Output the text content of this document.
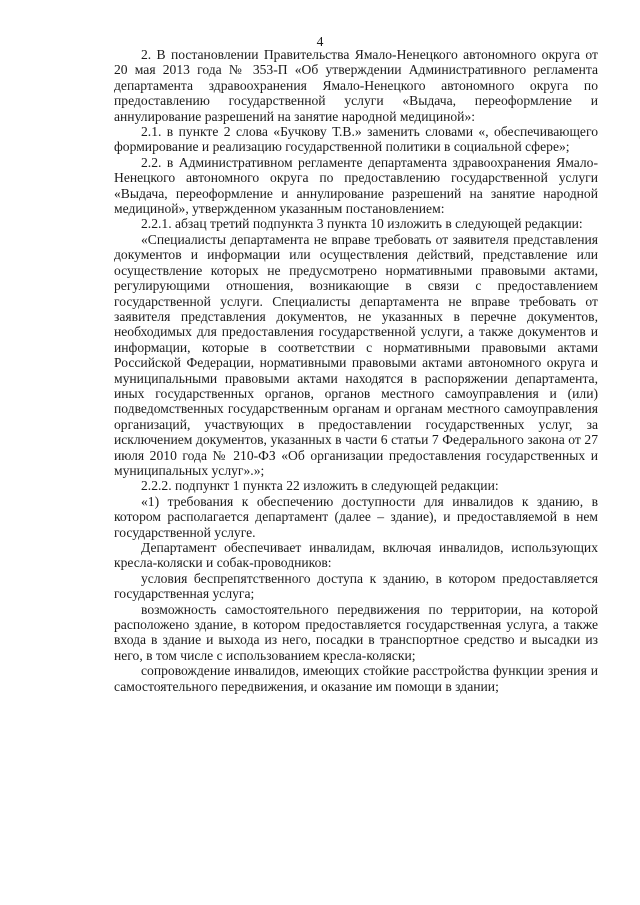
4

2. В постановлении Правительства Ямало-Ненецкого автономного округа от 20 мая 2013 года № 353-П «Об утверждении Административного регламента департамента здравоохранения Ямало-Ненецкого автономного округа по предоставлению государственной услуги «Выдача, переоформление и аннулирование разрешений на занятие народной медициной»:

2.1. в пункте 2 слова «Бучкову Т.В.» заменить словами «, обеспечивающего формирование и реализацию государственной политики в социальной сфере»;

2.2. в Административном регламенте департамента здравоохранения Ямало-Ненецкого автономного округа по предоставлению государственной услуги «Выдача, переоформление и аннулирование разрешений на занятие народной медициной», утвержденном указанным постановлением:

2.2.1. абзац третий подпункта 3 пункта 10 изложить в следующей редакции:

«Специалисты департамента не вправе требовать от заявителя представления документов и информации или осуществления действий, представление или осуществление которых не предусмотрено нормативными правовыми актами, регулирующими отношения, возникающие в связи с предоставлением государственной услуги. Специалисты департамента не вправе требовать от заявителя представления документов, не указанных в перечне документов, необходимых для предоставления государственной услуги, а также документов и информации, которые в соответствии с нормативными правовыми актами Российской Федерации, нормативными правовыми актами автономного округа и муниципальными правовыми актами находятся в распоряжении департамента, иных государственных органов, органов местного самоуправления и (или) подведомственных государственным органам и органам местного самоуправления организаций, участвующих в предоставлении государственных услуг, за исключением документов, указанных в части 6 статьи 7 Федерального закона от 27 июля 2010 года № 210-ФЗ «Об организации предоставления государственных и муниципальных услуг».»;

2.2.2. подпункт 1 пункта 22 изложить в следующей редакции:

«1) требования к обеспечению доступности для инвалидов к зданию, в котором располагается департамент (далее – здание), и предоставляемой в нем государственной услуге.

Департамент обеспечивает инвалидам, включая инвалидов, использующих кресла-коляски и собак-проводников:

условия беспрепятственного доступа к зданию, в котором предоставляется государственная услуга;

возможность самостоятельного передвижения по территории, на которой расположено здание, в котором предоставляется государственная услуга, а также входа в здание и выхода из него, посадки в транспортное средство и высадки из него, в том числе с использованием кресла-коляски;

сопровождение инвалидов, имеющих стойкие расстройства функции зрения и самостоятельного передвижения, и оказание им помощи в здании;
